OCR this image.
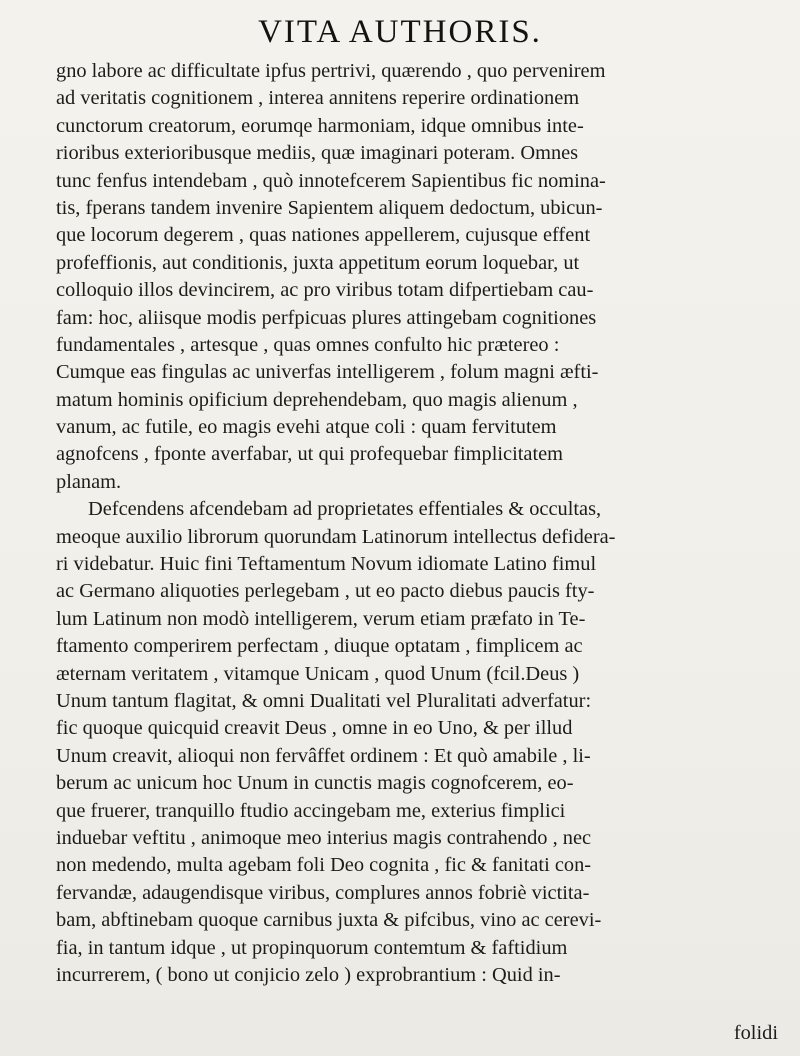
VITA AUTHORIS.
gno labore ac difficultate ipfus pertrivi, quærendo , quo pervenirem
ad veritatis cognitionem , interea annitens reperire ordinationem
cunctorum creatorum, eorumqe harmoniam, idque omnibus inte-
rioribus exterioribusque mediis, quæ imaginari poteram. Omnes
tunc fenfus intendebam , quò innotefcerem Sapientibus fic nomina-
tis, fperans tandem invenire Sapientem aliquem dedoctum, ubicun-
que locorum degerem , quas nationes appellerem, cujusque effent
profeffionis, aut conditionis, juxta appetitum eorum loquebar, ut
colloquio illos devincirem, ac pro viribus totam difpertiebam cau-
fam: hoc, aliisque modis perfpicuas plures attingebam cognitiones
fundamentales , artesque , quas omnes confulto hic prætereo :
Cumque eas fingulas ac univerfas intelligerem , folum magni æfti-
matum hominis opificium deprehendebam, quo magis alienum ,
vanum, ac futile, eo magis evehi atque coli : quam fervitutem
agnofcens , fponte averfabar, ut qui profequebar fimplicitatem
planam.
Defcendens afcendebam ad proprietates effentiales & occultas,
meoque auxilio librorum quorundam Latinorum intellectus defidera-
ri videbatur. Huic fini Teftamentum Novum idiomate Latino fimul
ac Germano aliquoties perlegebam , ut eo pacto diebus paucis fty-
lum Latinum non modò intelligerem, verum etiam præfato in Te-
ftamento comperirem perfectam , diuque optatam , fimplicem ac
æternam veritatem , vitamque Unicam , quod Unum (fcil.Deus )
Unum tantum flagitat, & omni Dualitati vel Pluralitati adverfatur:
fic quoque quicquid creavit Deus , omne in eo Uno, & per illud
Unum creavit, alioqui non fervâffet ordinem : Et quò amabile , li-
berum ac unicum hoc Unum in cunctis magis cognofcerem, eo-
que fruerer, tranquillo ftudio accingebam me, exterius fimplici
induebar veftitu , animoque meo interius magis contrahendo , nec
non medendo, multa agebam foli Deo cognita , fic & fanitati con-
fervandæ, adaugendisque viribus, complures annos fobriè victita-
bam, abftinebam quoque carnibus juxta & pifcibus, vino ac cerevi-
fia, in tantum idque , ut propinquorum contemtum & faftidium
incurrerem, ( bono ut conjicio zelo ) exprobrantium : Quid in-
folidi
